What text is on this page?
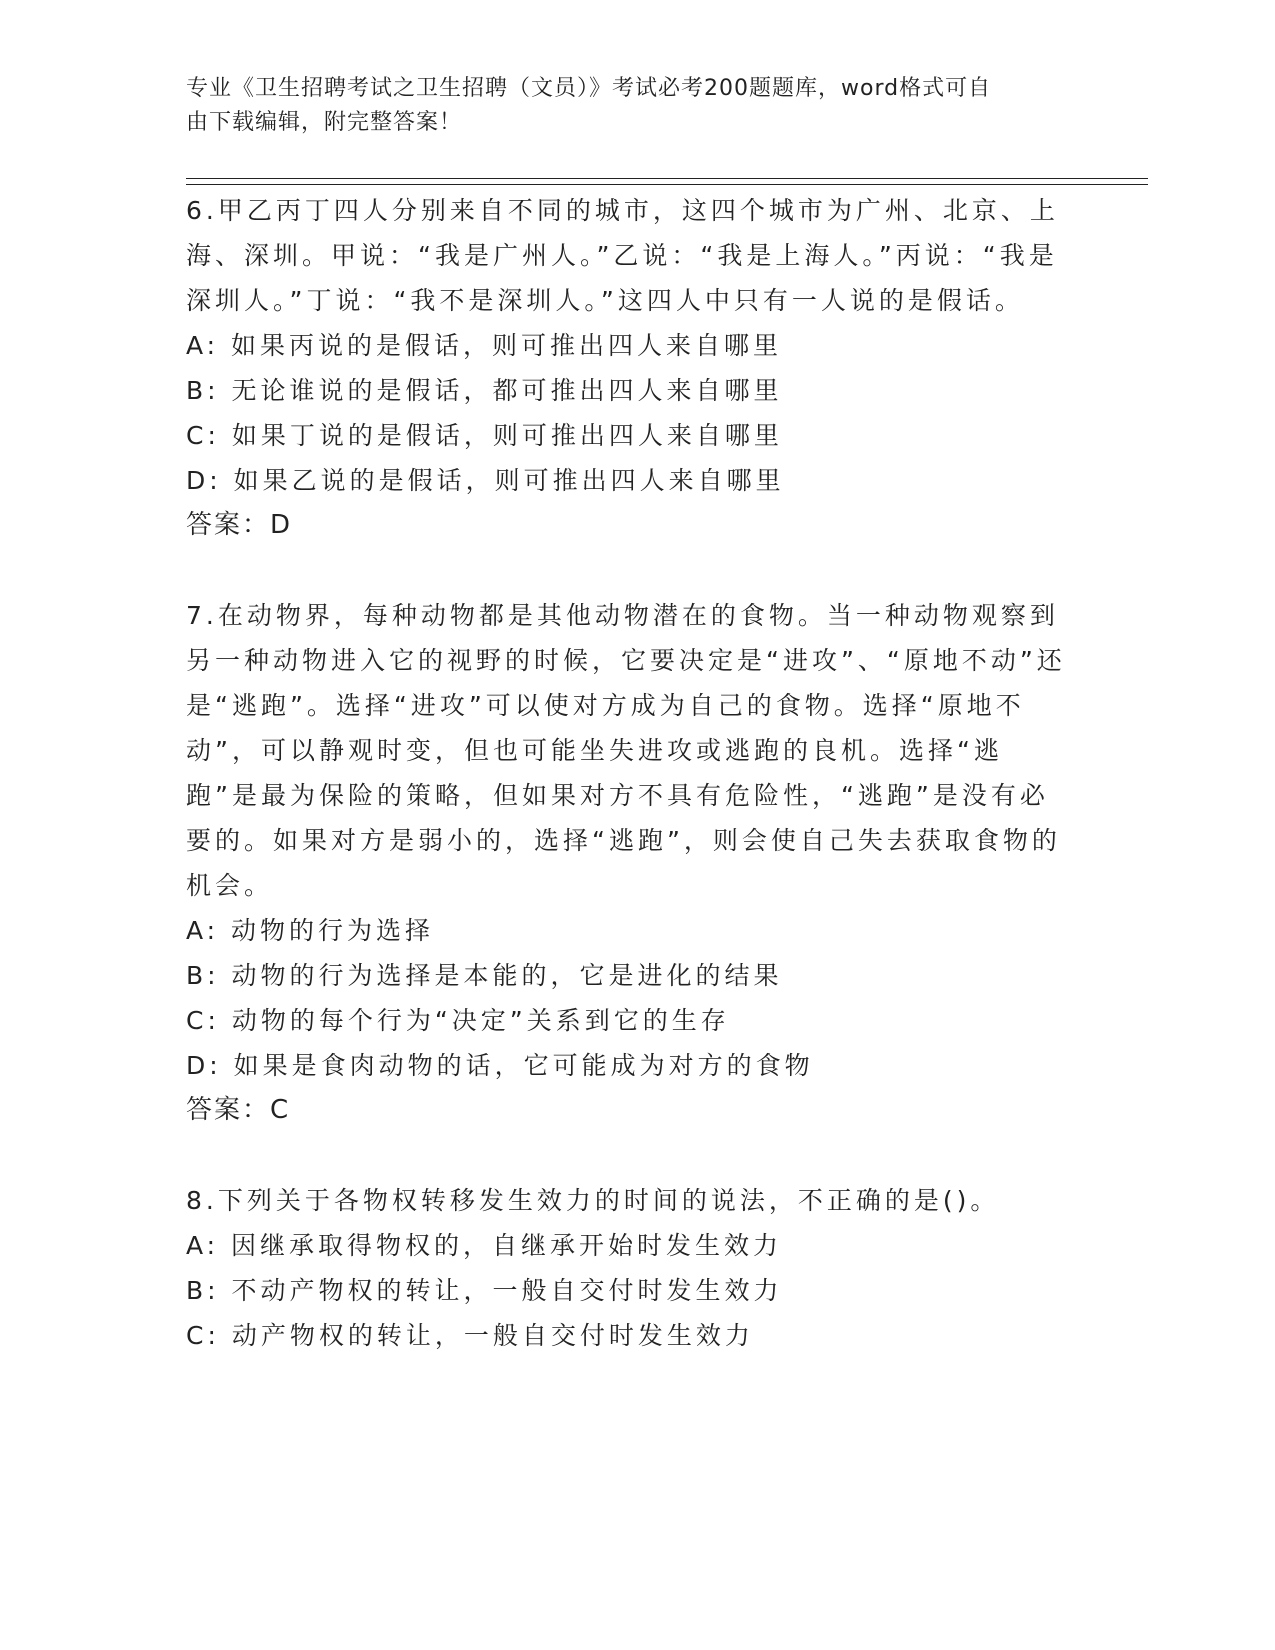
专业《卫生招聘考试之卫生招聘（文员）》考试必考200题题库，word格式可自
由下载编辑，附完整答案！

6.甲乙丙丁四人分别来自不同的城市，这四个城市为广州、北京、上海、深圳。甲说：“我是广州人。”乙说：“我是上海人。”丙说：“我是深圳人。”丁说：“我不是深圳人。”这四人中只有一人说的是假话。

A: 如果丙说的是假话，则可推出四人来自哪里

B: 无论谁说的是假话，都可推出四人来自哪里

C: 如果丁说的是假话，则可推出四人来自哪里

D: 如果乙说的是假话，则可推出四人来自哪里

答案：D

7.在动物界，每种动物都是其他动物潜在的食物。当一种动物观察到另一种动物进入它的视野的时候，它要决定是“进攻”、“原地不动”还是“逃跑”。选择“进攻”可以使对方成为自己的食物。选择“原地不动”，可以静观时变，但也可能坐失进攻或逃跑的良机。选择“逃跑”是最为保险的策略，但如果对方不具有危险性，“逃跑”是没有必要的。如果对方是弱小的，选择“逃跑”，则会使自己失去获取食物的机会。

A: 动物的行为选择

B: 动物的行为选择是本能的，它是进化的结果

C: 动物的每个行为“决定”关系到它的生存

D: 如果是食肉动物的话，它可能成为对方的食物

答案：C

8.下列关于各物权转移发生效力的时间的说法，不正确的是()。

A: 因继承取得物权的，自继承开始时发生效力

B: 不动产物权的转让，一般自交付时发生效力

C: 动产物权的转让，一般自交付时发生效力
